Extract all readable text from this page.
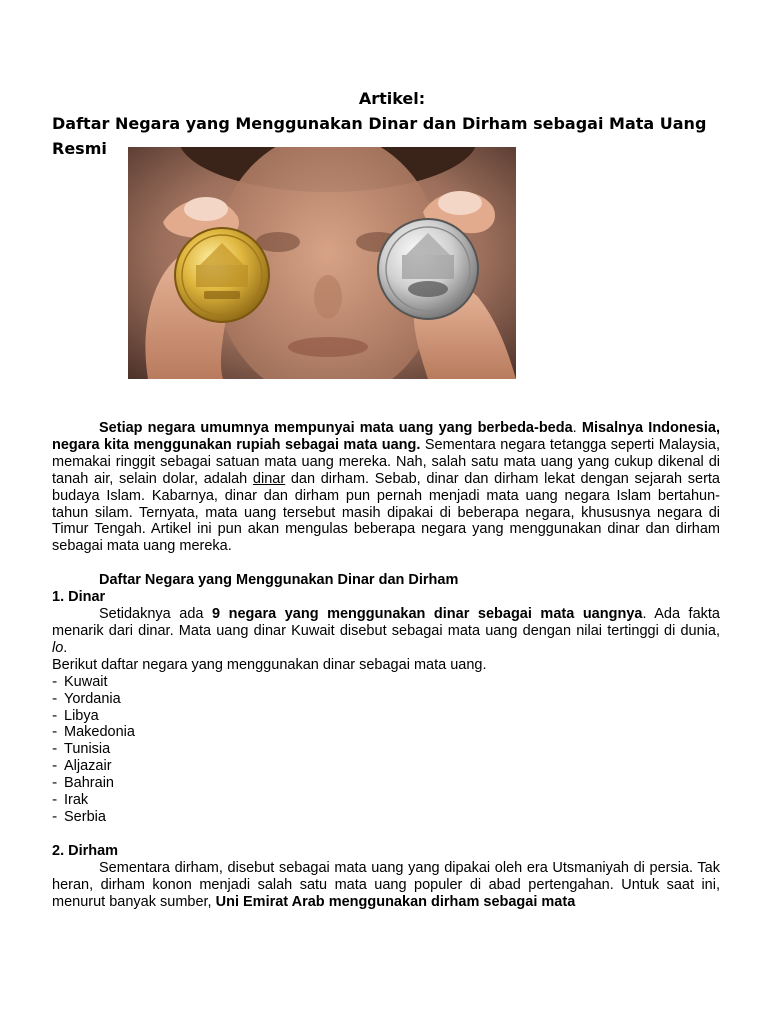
Artikel:
Daftar Negara yang Menggunakan Dinar dan Dirham sebagai Mata Uang Resmi

Setiap negara umumnya mempunyai mata uang yang berbeda-beda. Misalnya Indonesia, negara kita menggunakan rupiah sebagai mata uang. Sementara negara tetangga seperti Malaysia, memakai ringgit sebagai satuan mata uang mereka. Nah, salah satu mata uang yang cukup dikenal di tanah air, selain dolar, adalah dinar dan dirham. Sebab, dinar dan dirham lekat dengan sejarah serta budaya Islam. Kabarnya, dinar dan dirham pun pernah menjadi mata uang negara Islam bertahun-tahun silam. Ternyata, mata uang tersebut masih dipakai di beberapa negara, khususnya negara di Timur Tengah. Artikel ini pun akan mengulas beberapa negara yang menggunakan dinar dan dirham sebagai mata uang mereka.

Daftar Negara yang Menggunakan Dinar dan Dirham

1. Dinar

Setidaknya ada 9 negara yang menggunakan dinar sebagai mata uangnya. Ada fakta menarik dari dinar. Mata uang dinar Kuwait disebut sebagai mata uang dengan nilai tertinggi di dunia, lo.

Berikut daftar negara yang menggunakan dinar sebagai mata uang.

- Kuwait
- Yordania
- Libya
- Makedonia
- Tunisia
- Aljazair
- Bahrain
- Irak
- Serbia

2. Dirham

Sementara dirham, disebut sebagai mata uang yang dipakai oleh era Utsmaniyah di persia. Tak heran, dirham konon menjadi salah satu mata uang populer di abad pertengahan. Untuk saat ini, menurut banyak sumber, Uni Emirat Arab menggunakan dirham sebagai mata
